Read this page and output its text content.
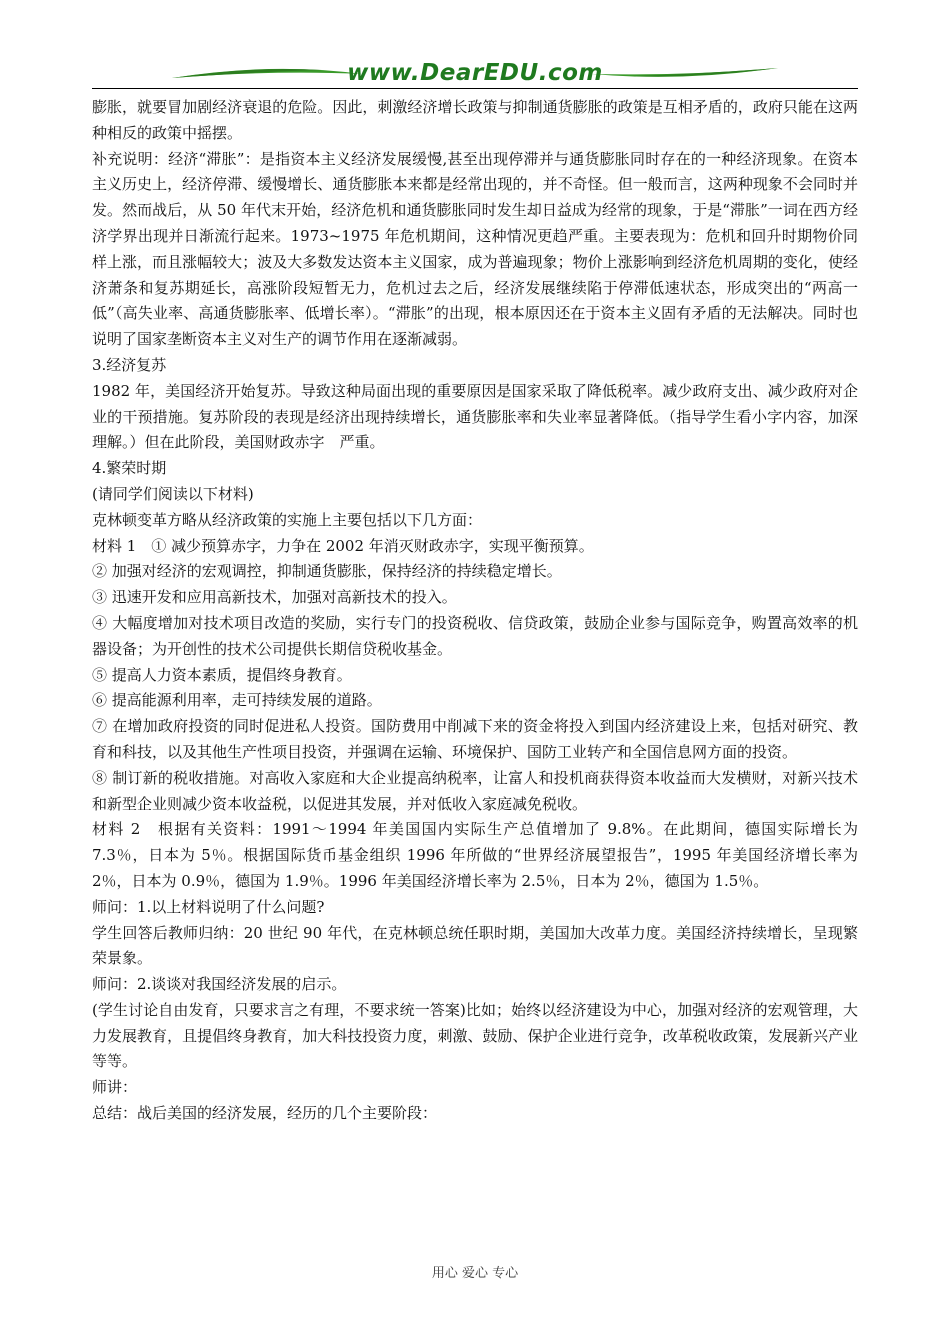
www.DearEDU.com

膨胀，就要冒加剧经济衰退的危险。因此，刺激经济增长政策与抑制通货膨胀的政策是互相矛盾的，政府只能在这两种相反的政策中摇摆。

补充说明：经济“滞胀”：是指资本主义经济发展缓慢,甚至出现停滞并与通货膨胀同时存在的一种经济现象。在资本主义历史上，经济停滞、缓慢增长、通货膨胀本来都是经常出现的，并不奇怪。但一般而言，这两种现象不会同时并发。然而战后，从 50 年代末开始，经济危机和通货膨胀同时发生却日益成为经常的现象，于是“滞胀”一词在西方经济学界出现并日渐流行起来。1973~1975 年危机期间，这种情况更趋严重。主要表现为：危机和回升时期物价同样上涨，而且涨幅较大；波及大多数发达资本主义国家，成为普遍现象；物价上涨影响到经济危机周期的变化，使经济萧条和复苏期延长，高涨阶段短暂无力，危机过去之后，经济发展继续陷于停滞低速状态，形成突出的“两高一低”（高失业率、高通货膨胀率、低增长率）。“滞胀”的出现，根本原因还在于资本主义固有矛盾的无法解决。同时也说明了国家垄断资本主义对生产的调节作用在逐渐减弱。

3.经济复苏

1982 年，美国经济开始复苏。导致这种局面出现的重要原因是国家采取了降低税率。减少政府支出、减少政府对企业的干预措施。复苏阶段的表现是经济出现持续增长，通货膨胀率和失业率显著降低。（指导学生看小字内容，加深理解。）但在此阶段，美国财政赤字　严重。

4.繁荣时期

(请同学们阅读以下材料)

克林顿变革方略从经济政策的实施上主要包括以下几方面：

材料 1　① 减少预算赤字，力争在 2002 年消灭财政赤字，实现平衡预算。

② 加强对经济的宏观调控，抑制通货膨胀，保持经济的持续稳定增长。

③ 迅速开发和应用高新技术，加强对高新技术的投入。

④ 大幅度增加对技术项目改造的奖励，实行专门的投资税收、信贷政策，鼓励企业参与国际竞争，购置高效率的机器设备；为开创性的技术公司提供长期信贷税收基金。

⑤ 提高人力资本素质，提倡终身教育。

⑥ 提高能源利用率，走可持续发展的道路。

⑦ 在增加政府投资的同时促进私人投资。国防费用中削减下来的资金将投入到国内经济建设上来，包括对研究、教育和科技，以及其他生产性项目投资，并强调在运输、环境保护、国防工业转产和全国信息网方面的投资。

⑧ 制订新的税收措施。对高收入家庭和大企业提高纳税率，让富人和投机商获得资本收益而大发横财，对新兴技术和新型企业则减少资本收益税，以促进其发展，并对低收入家庭减免税收。

材料 2　根据有关资料：1991～1994 年美国国内实际生产总值增加了 9.8%。在此期间，德国实际增长为 7.3％，日本为 5％。根据国际货币基金组织 1996 年所做的“世界经济展望报告”，1995 年美国经济增长率为 2％，日本为 0.9％，德国为 1.9％。1996 年美国经济增长率为 2.5％，日本为 2％，德国为 1.5％。

师问：1.以上材料说明了什么问题?

学生回答后教师归纳：20 世纪 90 年代，在克林顿总统任职时期，美国加大改革力度。美国经济持续增长，呈现繁荣景象。

师问：2.谈谈对我国经济发展的启示。

(学生讨论自由发育，只要求言之有理，不要求统一答案)比如；始终以经济建设为中心，加强对经济的宏观管理，大力发展教育，且提倡终身教育，加大科技投资力度，刺激、鼓励、保护企业进行竞争，改革税收政策，发展新兴产业等等。

师讲：

总结：战后美国的经济发展，经历的几个主要阶段：

用心 爱心 专心
